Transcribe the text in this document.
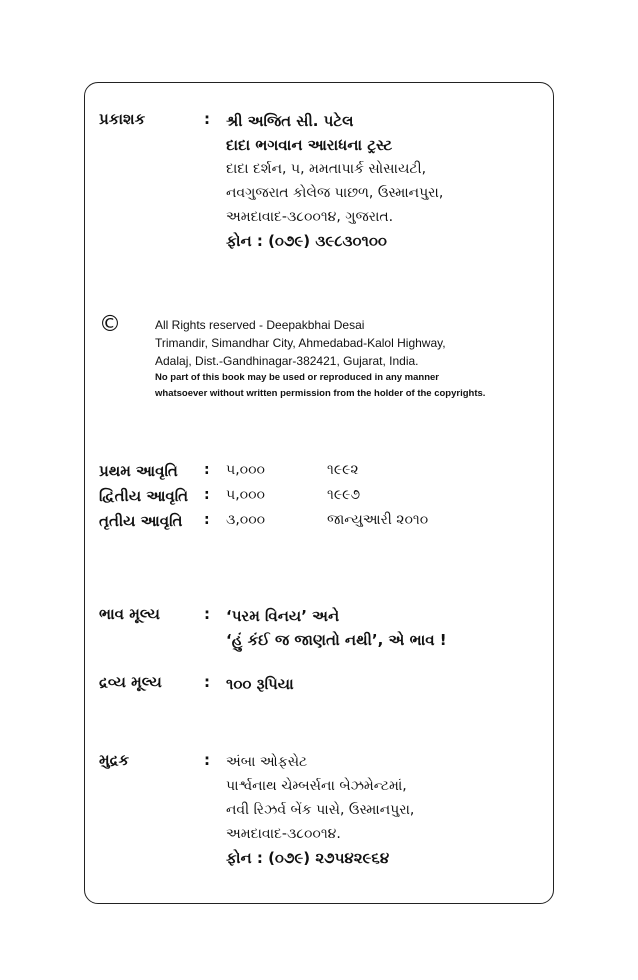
પ્રકાશક	: શ્રી અજિત સી. પટેલ
દાદા ભગવાન આરાધના ટ્રસ્ટ
દાદા દર્શન, ૫, મમતાપાર્ક સોસાયટી,
નવગુજરાત કોલેજ પાછળ, ઉસ્માનપુરા,
અમદાવાદ-૩૮૦૦૧૪, ગુજરાત.
ફોન : (૦૭૯) ૩૯૮૩૦૧૦૦
©	All Rights reserved - Deepakbhai Desai
Trimandir, Simandhar City, Ahmedabad-Kalol Highway,
Adalaj, Dist.-Gandhinagar-382421, Gujarat, India.
No part of this book may be used or reproduced in any manner
whatsoever without written permission from the holder of the copyrights.
પ્રથમ આવૃતિ : ૫,૦૦૦	૧૯૯૨
દ્વિતીય આવૃતિ : ૫,૦૦૦	૧૯૯૭
તૃતીય આવૃતિ : ૩,૦૦૦	જાન્યુઆરી ૨૦૧૦
ભાવ મૂલ્ય	: ‘પરમ વિનય’ અને
‘હું કંઈ જ જાણતો નથી’, એ ભાવ !
દ્રવ્ય મૂલ્ય	: ૧૦૦ રૂપિયા
મુદ્રક	: અંબા ઓફસેટ
પાર્શ્વનાથ ચેમ્બર્સના બેઝમેન્ટમાં,
નવી રિઝર્વ બેંક પાસે, ઉસ્માનપુરા,
અમદાવાદ-૩૮૦૦૧૪.
ફોન : (૦૭૯) ૨૭૫૪૨૯૬૪
